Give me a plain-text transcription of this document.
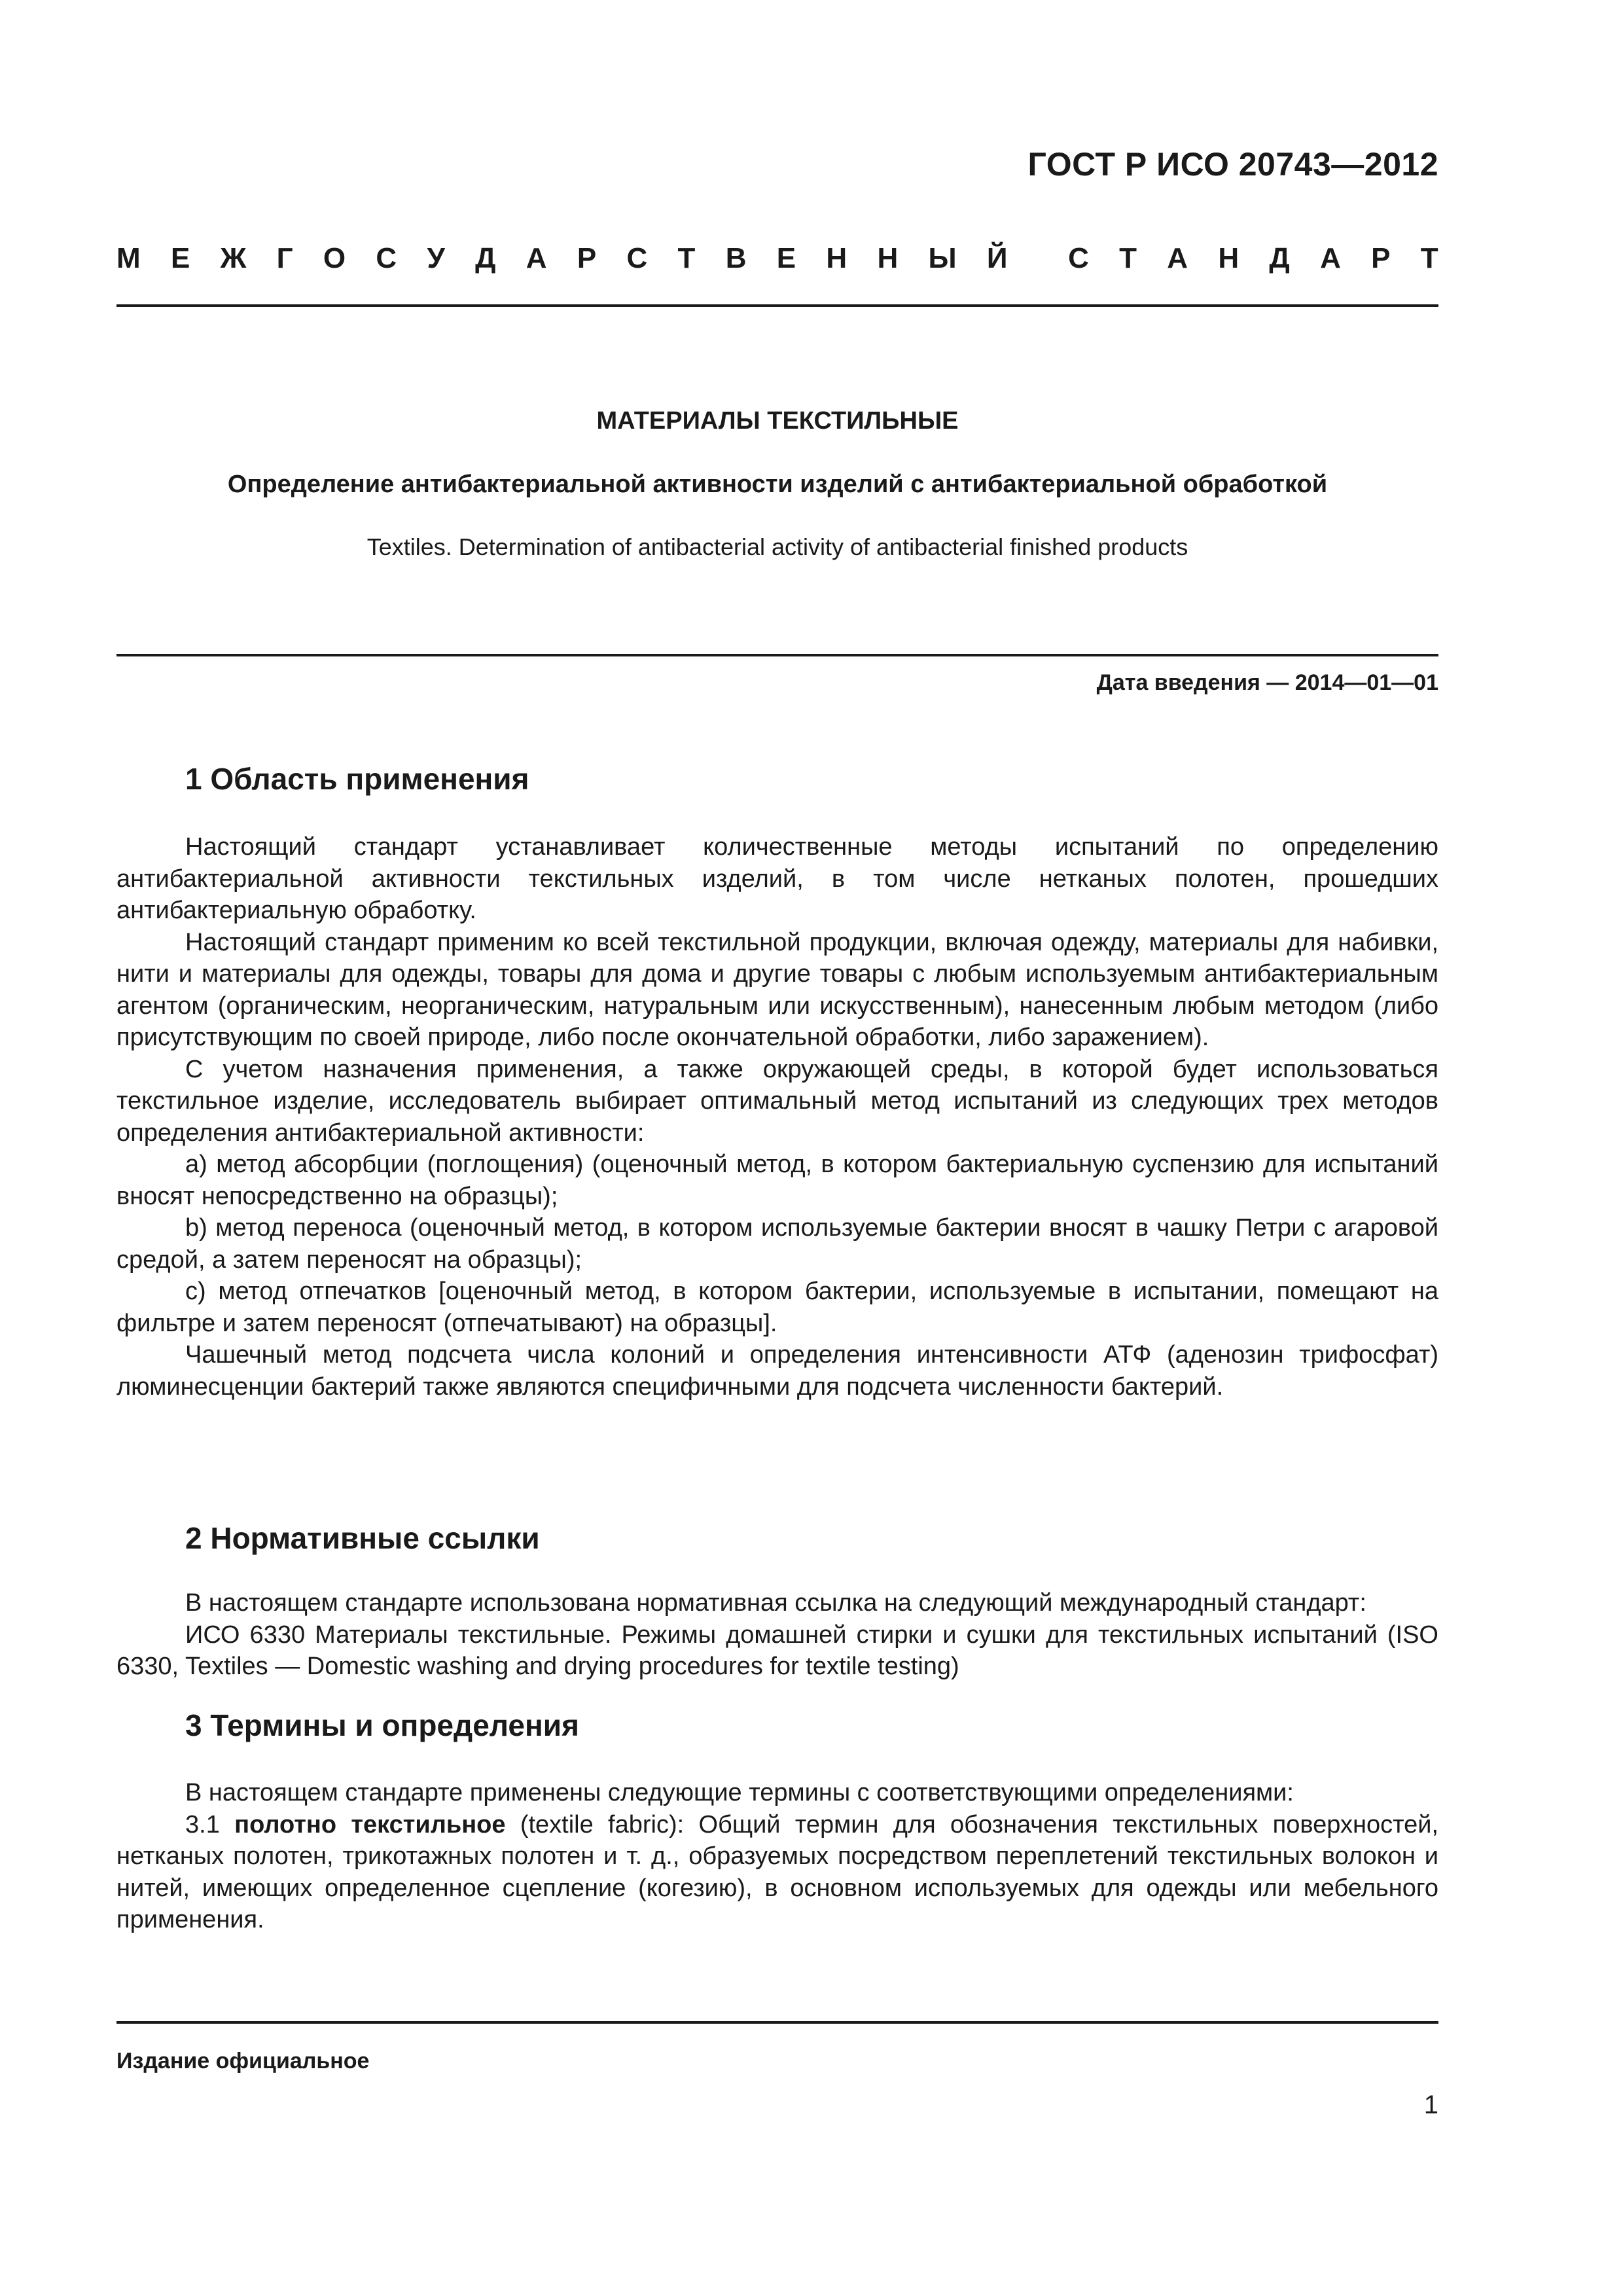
ГОСТ Р ИСО 20743—2012
М Е Ж Г О С У Д А Р С Т В Е Н Н Ы Й С Т А Н Д А Р Т
МАТЕРИАЛЫ ТЕКСТИЛЬНЫЕ
Определение антибактериальной активности изделий с антибактериальной обработкой
Textiles. Determination of antibacterial activity of antibacterial finished products
Дата введения — 2014—01—01
1 Область применения

Настоящий стандарт устанавливает количественные методы испытаний по определению антибактериальной активности текстильных изделий, в том числе нетканых полотен, прошедших антибактериальную обработку.

Настоящий стандарт применим ко всей текстильной продукции, включая одежду, материалы для набивки, нити и материалы для одежды, товары для дома и другие товары с любым используемым антибактериальным агентом (органическим, неорганическим, натуральным или искусственным), нанесенным любым методом (либо присутствующим по своей природе, либо после окончательной обработки, либо заражением).

С учетом назначения применения, а также окружающей среды, в которой будет использоваться текстильное изделие, исследователь выбирает оптимальный метод испытаний из следующих трех методов определения антибактериальной активности:

a) метод абсорбции (поглощения) (оценочный метод, в котором бактериальную суспензию для испытаний вносят непосредственно на образцы);

b) метод переноса (оценочный метод, в котором используемые бактерии вносят в чашку Петри с агаровой средой, а затем переносят на образцы);

c) метод отпечатков [оценочный метод, в котором бактерии, используемые в испытании, помещают на фильтре и затем переносят (отпечатывают) на образцы].

Чашечный метод подсчета числа колоний и определения интенсивности АТФ (аденозин трифосфат) люминесценции бактерий также являются специфичными для подсчета численности бактерий.

2 Нормативные ссылки

В настоящем стандарте использована нормативная ссылка на следующий международный стандарт:

ИСО 6330 Материалы текстильные. Режимы домашней стирки и сушки для текстильных испытаний (ISO 6330, Textiles — Domestic washing and drying procedures for textile testing)

3 Термины и определения

В настоящем стандарте применены следующие термины с соответствующими определениями:

3.1 полотно текстильное (textile fabric): Общий термин для обозначения текстильных поверхностей, нетканых полотен, трикотажных полотен и т. д., образуемых посредством переплетений текстильных волокон и нитей, имеющих определенное сцепление (когезию), в основном используемых для одежды или мебельного применения.

Издание официальное
1
